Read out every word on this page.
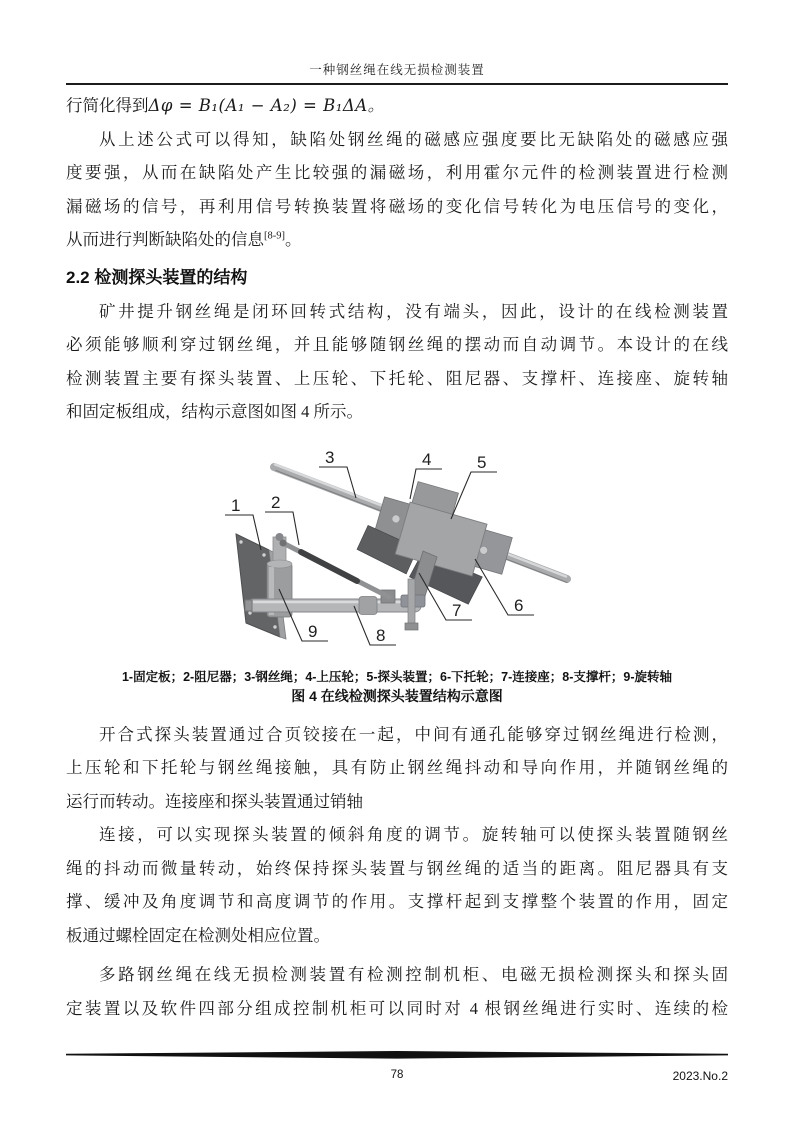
一种钢丝绳在线无损检测装置
行简化得到Δφ = B₁(A₁ − A₂) = B₁ΔA。
从上述公式可以得知，缺陷处钢丝绳的磁感应强度要比无缺陷处的磁感应强
度要强，从而在缺陷处产生比较强的漏磁场，利用霍尔元件的检测装置进行检测
漏磁场的信号，再利用信号转换装置将磁场的变化信号转化为电压信号的变化，
从而进行判断缺陷处的信息[8-9]。
2.2 检测探头装置的结构
矿井提升钢丝绳是闭环回转式结构，没有端头，因此，设计的在线检测装置
必须能够顺利穿过钢丝绳，并且能够随钢丝绳的摆动而自动调节。本设计的在线
检测装置主要有探头装置、上压轮、下托轮、阻尼器、支撑杆、连接座、旋转轴
和固定板组成，结构示意图如图 4 所示。
1 2
3	4	5
6
7
8
9
1-固定板；2-阻尼器；3-钢丝绳；4-上压轮；5-探头装置；6-下托轮；7-连接座；8-支撑杆；9-旋转轴
图 4 在线检测探头装置结构示意图
开合式探头装置通过合页铰接在一起，中间有通孔能够穿过钢丝绳进行检测，
上压轮和下托轮与钢丝绳接触，具有防止钢丝绳抖动和导向作用，并随钢丝绳的
运行而转动。连接座和探头装置通过销轴
连接，可以实现探头装置的倾斜角度的调节。旋转轴可以使探头装置随钢丝
绳的抖动而微量转动，始终保持探头装置与钢丝绳的适当的距离。阻尼器具有支
撑、缓冲及角度调节和高度调节的作用。支撑杆起到支撑整个装置的作用，固定
板通过螺栓固定在检测处相应位置。
多路钢丝绳在线无损检测装置有检测控制机柜、电磁无损检测探头和探头固
定装置以及软件四部分组成控制机柜可以同时对 4 根钢丝绳进行实时、连续的检
78	2023.No.2
